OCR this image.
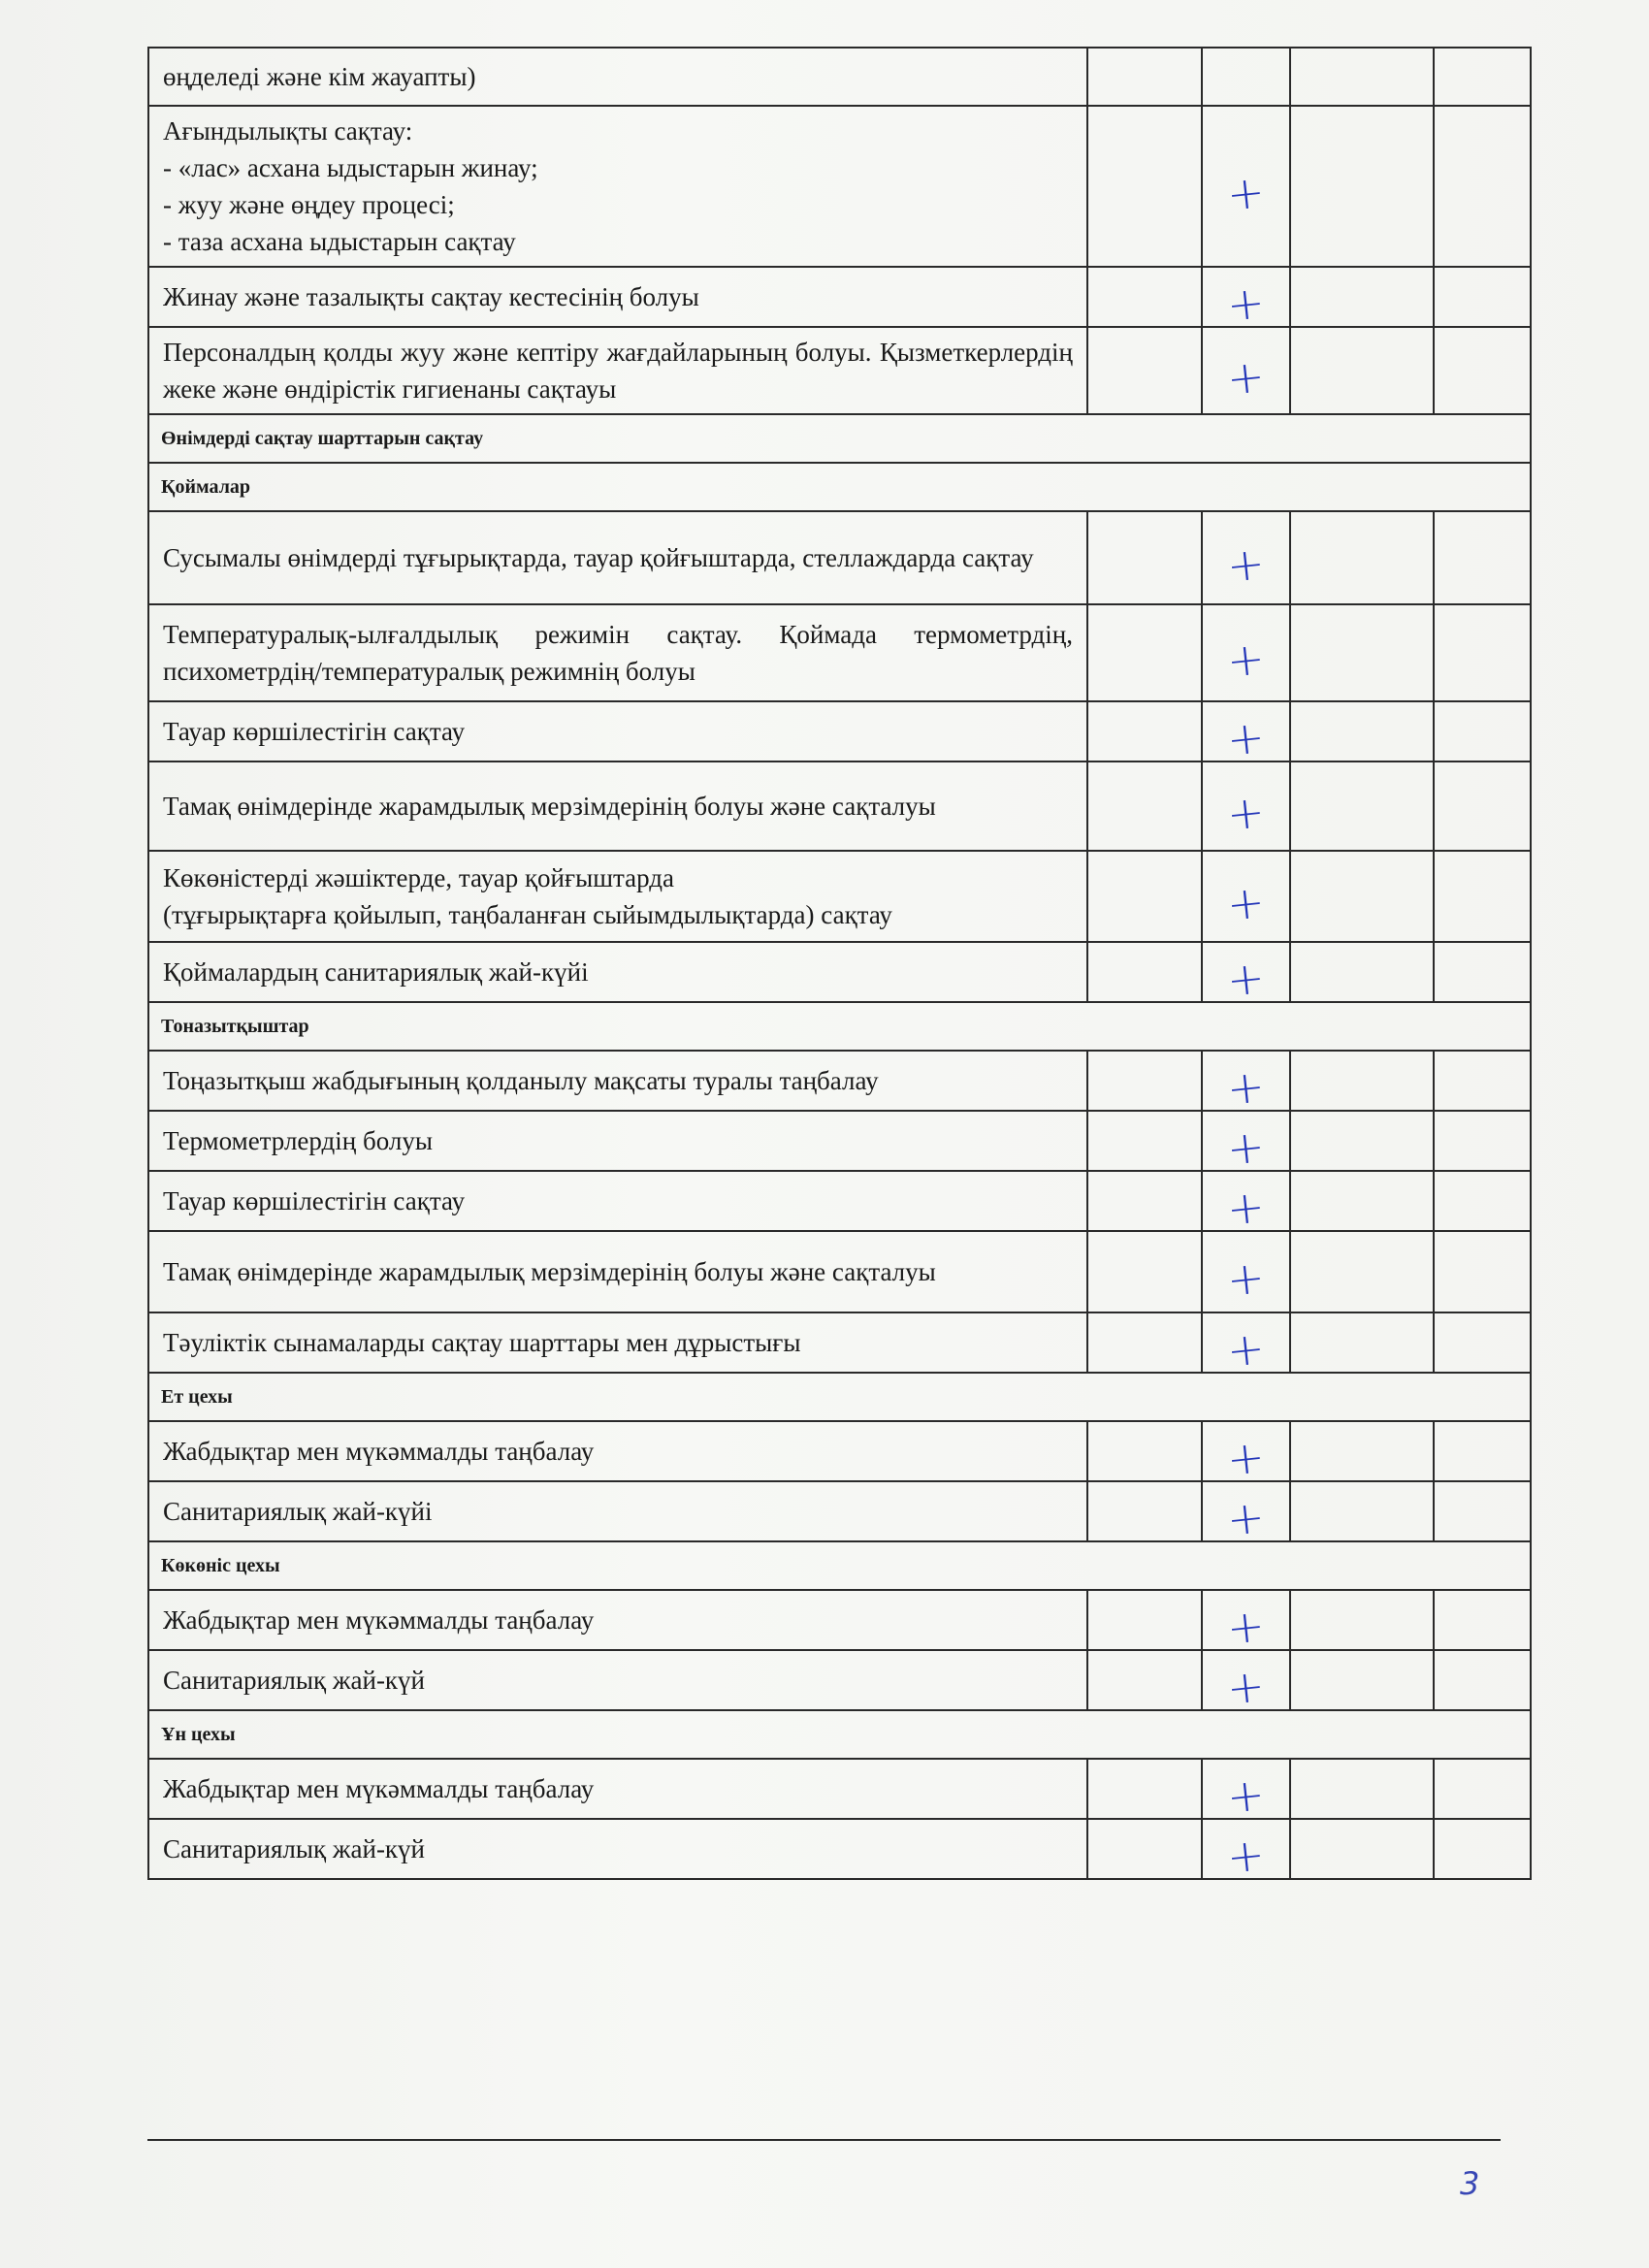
өңделеді және кім жауапты)				
Ағындылықты сақтау:
- «лас» асхана ыдыстарын жинау;
- жуу және өңдеу процесі;
- таза асхана ыдыстарын сақтау		+		
Жинау және тазалықты сақтау кестесінің болуы		+		
Персоналдың қолды жуу және кептіру жағдайларының болуы. Қызметкерлердің жеке және өндірістік гигиенаны сақтауы		+		
Өнімдерді сақтау шарттарын сақтау				
Қоймалар				
Сусымалы өнімдерді тұғырықтарда, тауар қойғыштарда, стеллаждарда сақтау		+		
Температуралық-ылғалдылық режимін сақтау. Қоймада термометрдің, психометрдің/температуралық режимнің болуы		+		
Тауар көршілестігін сақтау		+		
Тамақ өнімдерінде жарамдылық мерзімдерінің болуы және сақталуы		+		
Көкөністерді жәшіктерде, тауар қойғыштарда
(тұғырықтарға қойылып, таңбаланған сыйымдылықтарда) сақтау		+		
Қоймалардың санитариялық жай-күйі		+		
Тоназытқыштар				
Тоңазытқыш жабдығының қолданылу мақсаты туралы таңбалау		+		
Термометрлердің болуы		+		
Тауар көршілестігін сақтау		+		
Тамақ өнімдерінде жарамдылық мерзімдерінің болуы және сақталуы		+		
Тәуліктік сынамаларды сақтау шарттары мен дұрыстығы		+		
Ет цехы				
Жабдықтар мен мүкәммалды таңбалау		+		
Санитариялық жай-күйі		+		
Көкөніс цехы				
Жабдықтар мен мүкәммалды таңбалау		+		
Санитариялық жай-күй		+		
Ұн цехы				
Жабдықтар мен мүкәммалды таңбалау		+		
Санитариялық жай-күй		+		
3
